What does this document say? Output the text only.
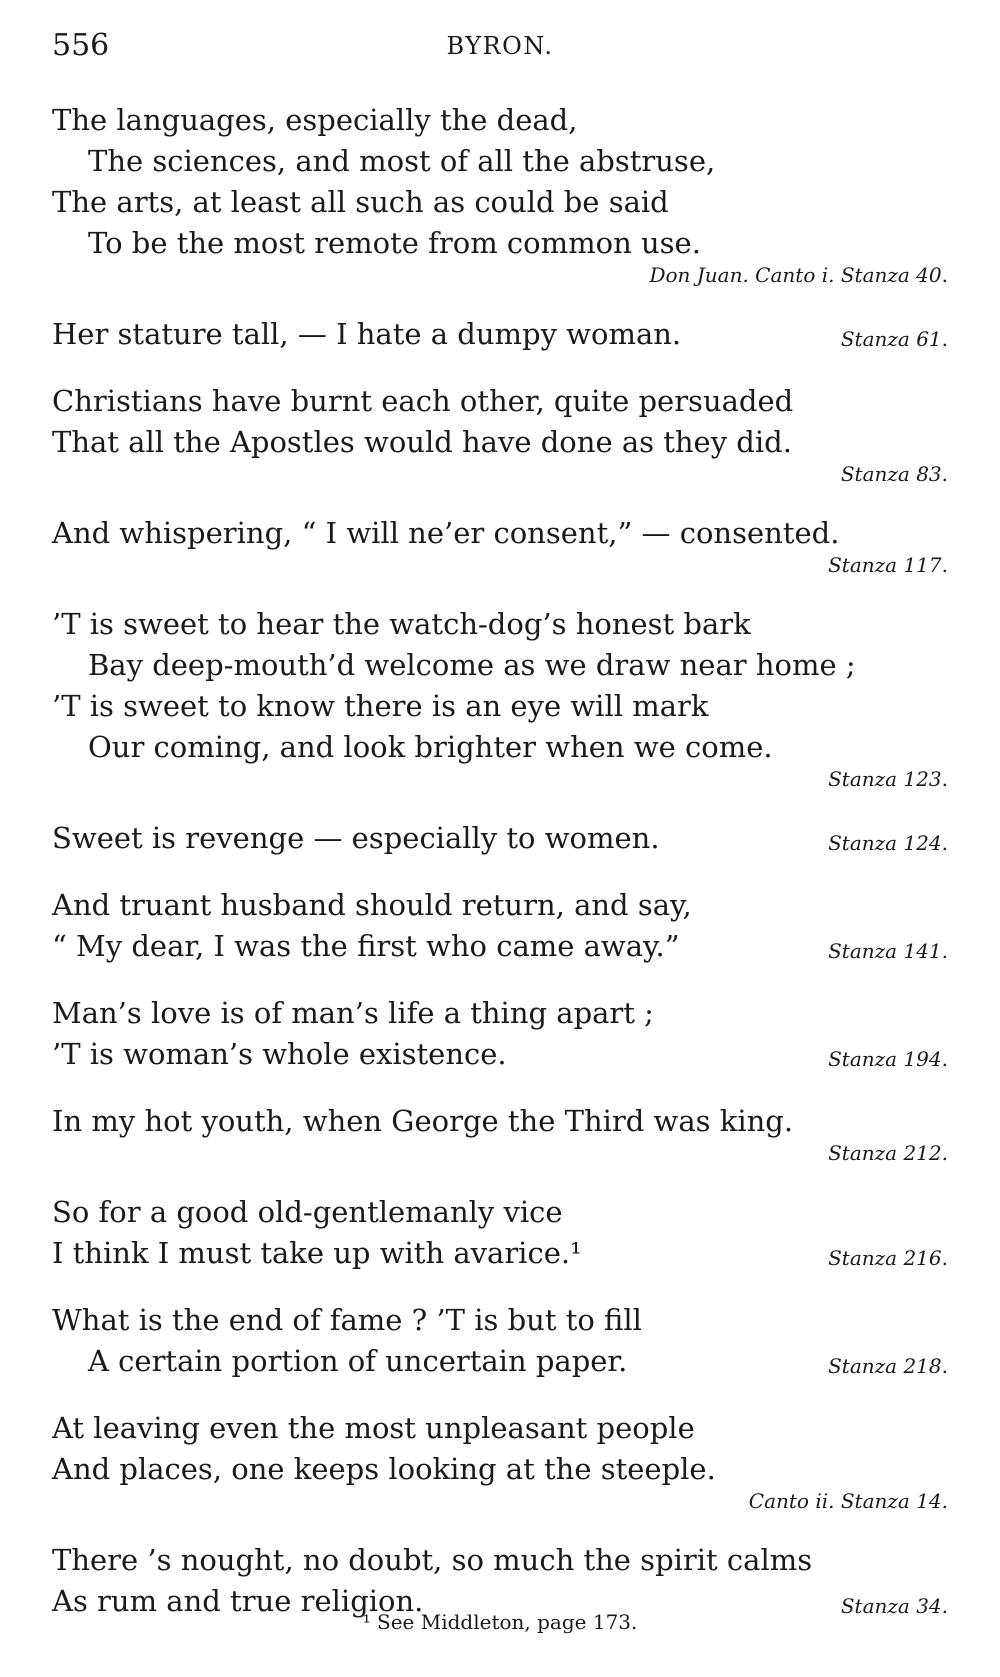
556	BYRON.
The languages, especially the dead,
The sciences, and most of all the abstruse,
The arts, at least all such as could be said
To be the most remote from common use.
Don Juan. Canto i. Stanza 40.
Her stature tall, — I hate a dumpy woman.	Stanza 61.
Christians have burnt each other, quite persuaded
That all the Apostles would have done as they did.
Stanza 83.
And whispering, “ I will ne’er consent,” — consented.
Stanza 117.
’T is sweet to hear the watch-dog’s honest bark
Bay deep-mouth’d welcome as we draw near home ;
’T is sweet to know there is an eye will mark
Our coming, and look brighter when we come.
Stanza 123.
Sweet is revenge — especially to women.	Stanza 124.
And truant husband should return, and say,
“ My dear, I was the first who came away.”	Stanza 141.
Man’s love is of man’s life a thing apart ;
’T is woman’s whole existence.	Stanza 194.
In my hot youth, when George the Third was king.
Stanza 212.
So for a good old-gentlemanly vice
I think I must take up with avarice.¹	Stanza 216.
What is the end of fame ? ’T is but to fill
A certain portion of uncertain paper.	Stanza 218.
At leaving even the most unpleasant people
And places, one keeps looking at the steeple.
Canto ii. Stanza 14.
There ’s nought, no doubt, so much the spirit calms
As rum and true religion.	Stanza 34.
¹ See Middleton, page 173.
